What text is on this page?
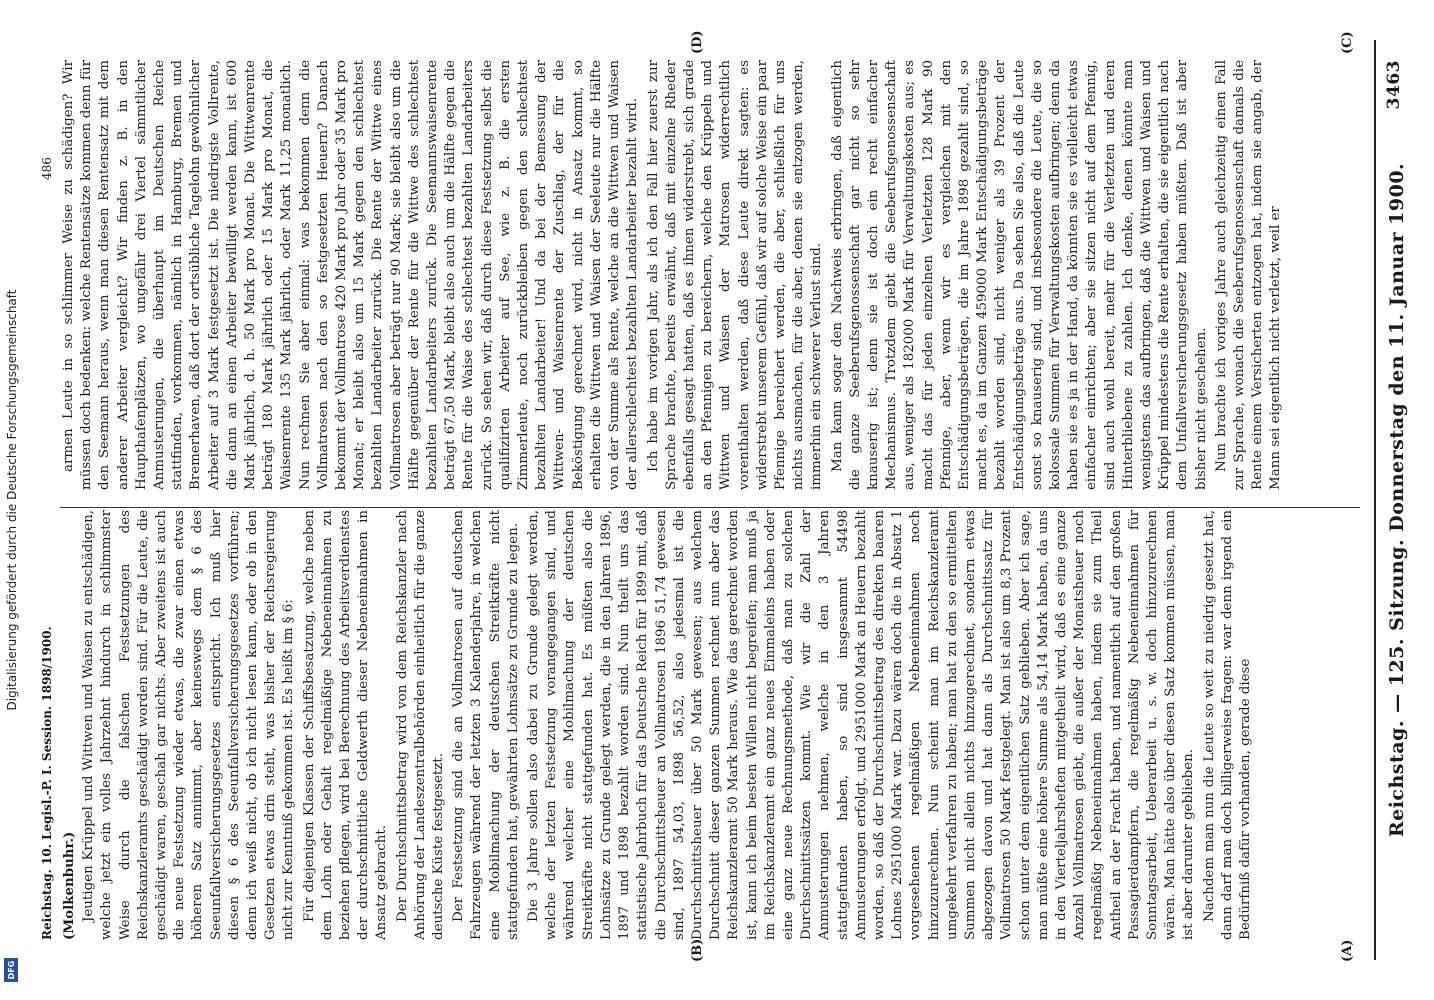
DFG
Digitalisierung gefördert durch die Deutsche Forschungsgemeinschaft
Reichstag. 10. Legisl.-P. I. Session. 1898/1900.
486

(Molkenbuhr.) Jeutigen Krüppel und Wittwen und Waisen zu entschädigen, welche jetzt ein volles Jahrzehnt hindurch in schlimmster Weise durch die falschen Festsetzungen des Reichskanzleramts geschädigt worden sind. Für die Leute, die geschädigt waren, geschah gar nichts. Aber zweitens ist auch die neue Festsetzung wieder etwas, die zwar einen etwas höheren Satz annimmt, aber keineswegs dem § 6 des Seeunfallversicherungsgesetzes entspricht. Ich muß hier diesen § 6 des Seeunfallversicherungsgesetzes vorführen; denn ich weiß nicht, ob ich nicht lesen kann, oder ob in den Gesetzen etwas drin steht, was bisher der Reichsregierung nicht zur Kenntniß gekommen ist. Es heißt im § 6: Für diejenigen Klassen der Schiffsbesatzung, welche neben dem Lohn oder Gehalt regelmäßige Nebeneinnahmen zu beziehen pflegen, wird bei Berechnung des Arbeitsverdienstes der durchschnittliche Geldwerth dieser Nebeneinnahmen in Ansatz gebracht. Der Durchschnittsbetrag wird von dem Reichskanzler nach Anhörung der Landeszentralbehörden einheitlich für die ganze deutsche Küste festgesetzt. Der Festsetzung sind die an Vollmatrosen auf deutschen Fahrzeugen während der letzten 3 Kalenderjahre, in welchen eine Mobilmachung der deutschen Streitkräfte nicht stattgefunden hat, gewährten Lohnsätze zu Grunde zu legen. Die 3 Jahre sollen also dabei zu Grunde gelegt werden, welche der letzten Festsetzung vorangegangen sind, und während welcher eine Mobilmachung der deutschen Streitkräfte nicht stattgefunden hat. Es müßten also die Lohnsätze zu Grunde gelegt werden, die in den Jahren 1896, 1897 und 1898 bezahlt worden sind. Nun theilt uns das statistische Jahrbuch für das Deutsche Reich für 1899 mit, daß die Durchschnittsheuer an Vollmatrosen 1896 51,74 gewesen sind, 1897 54,03, 1898 56,52, also jedesmal ist die Durchschnittsheuer über 50 Mark gewesen; aus welchem Durchschnitt dieser ganzen Summen rechnet nun aber das Reichskanzleramt 50 Mark heraus. Wie das gerechnet worden ist, kann ich beim besten Willen nicht begreifen; man muß ja im Reichskanzleramt ein ganz neues Einmaleins haben oder eine ganz neue Rechnungsmethode, daß man zu solchen Durchschnittssätzen kommt. Wie wir die Zahl der Anmusterungen nehmen, welche in den 3 Jahren stattgefunden haben, so sind insgesammt 54498 Anmusterungen erfolgt, und 2951000 Mark an Heuern bezahlt worden, so daß der Durchschnittsbetrag des direkten baaren Lohnes 2951000 Mark war. Dazu wären doch die in Absatz 1 vorgesehenen regelmäßigen Nebeneinnahmen noch hinzuzurechnen. Nun scheint man im Reichskanzleramt umgekehrt verfahren zu haben; man hat zu den so ermittelten Summen nicht allein nichts hinzugerechnet, sondern etwas abgezogen davon und hat dann als Durchschnittssatz für Vollmatrosen 50 Mark festgelegt. Man ist also um 8,3 Prozent schon unter dem eigentlichen Satz geblieben. Aber ich sage, man müßte eine höhere Summe als 54,14 Mark haben, da uns in den Vierteljahrsheften mitgetheilt wird, daß es eine ganze Anzahl Vollmatrosen giebt, die außer der Monatsheuer noch regelmäßig Nebeneinnahmen haben, indem sie zum Theil Antheil an der Fracht haben, und namentlich auf den großen Passagierdampfern, die regelmäßig Nebeneinnahmen für Sonntagsarbeit, Ueberarbeit u. s. w. doch hinzuzurechnen wären. Man hätte also über diesen Satz kommen müssen, man ist aber darunter geblieben. Nachdem man nun die Leute so weit zu niedrig gesetzt hat, dann darf man doch billigerweise fragen: war denn irgend ein Bedürfniß dafür vorhanden, gerade diese

armen Leute in so schlimmer Weise zu schädigen? Wir müssen doch bedenken: welche Rentensätze kommen denn für den Seemann heraus, wenn man diesen Rentensatz mit dem anderer Arbeiter vergleicht? Wir finden z. B. in den Haupthafenplätzen, wo ungefähr drei Viertel sämmtlicher Anmusterungen, die überhaupt im Deutschen Reiche stattfinden, vorkommen, nämlich in Hamburg, Bremen und Bremerhaven, daß dort der ortsübliche Tagelohn gewöhnlicher Arbeiter auf 3 Mark festgesetzt ist. Die niedrigste Vollrente, die dann an einen Arbeiter bewilligt werden kann, ist 600 Mark jährlich, d. h. 50 Mark pro Monat. Die Wittwenrente beträgt 180 Mark jährlich oder 15 Mark pro Monat, die Waisenrente 135 Mark jährlich, oder Mark 11,25 monatlich. Nun rechnen Sie aber einmal: was bekommen denn die Vollmatrosen nach den so festgesetzten Heuern? Danach bekommt der Vollmatrose 420 Mark pro Jahr oder 35 Mark pro Monat; er bleibt also um 15 Mark gegen den schlechtest bezahlten Landarbeiter zurück. Die Rente der Wittwe eines Vollmatrosen aber beträgt nur 90 Mark; sie bleibt also um die Hälfte gegenüber der Rente für die Wittwe des schlechtest bezahlten Landarbeiters zurück. Die Seemannswaisenrente beträgt 67,50 Mark, bleibt also auch um die Hälfte gegen die Rente für die Waise des schlechtest bezahlten Landarbeiters zurück. So sehen wir, daß durch diese Festsetzung selbst die qualifizirten Arbeiter auf See, wie z. B. die ersten Zimmerleute, noch zurückbleiben gegen den schlechtest bezahlten Landarbeiter! Und da bei der Bemessung der Wittwen- und Waisenrente der Zuschlag, der für die Beköstigung gerechnet wird, nicht in Ansatz kommt, so erhalten die Wittwen und Waisen der Seeleute nur die Hälfte von der Summe als Rente, welche an die Wittwen und Waisen der allerschlechtest bezahlten Landarbeiter bezahlt wird. Ich habe im vorigen Jahr, als ich den Fall hier zuerst zur Sprache brachte, bereits erwähnt, daß mit einzelne Rheder ebenfalls gesagt hatten, daß es ihnen widerstrebt, sich grade an den Pfennigen zu bereichern, welche den Krüppeln und Wittwen und Waisen der Matrosen widerrechtlich vorenthalten werden, daß diese Leute direkt sagten: es widerstrebt unserem Gefühl, daß wir auf solche Weise ein paar Pfennige bereichert werden, die aber, schließlich für uns nichts ausmachen, für die aber, denen sie entzogen werden, immerhin ein schwerer Verlust sind. Man kann sogar den Nachweis erbringen, daß eigentlich die ganze Seeberufsgenossenschaft gar nicht so sehr knauserig ist; denn sie ist doch ein recht einfacher Mechanismus. Trotzdem giebt die Seeberufsgenossenschaft aus, weniger als 182000 Mark für Verwaltungskosten aus; es macht das für jeden einzelnen Verletzten 128 Mark 90 Pfennige, aber, wenn wir es vergleichen mit den Entschädigungsbeträgen, die im Jahre 1898 gezahlt sind, so macht es, da im Ganzen 459000 Mark Entschädigungsbeträge bezahlt worden sind, nicht weniger als 39 Prozent der Entschädigungsbeträge aus. Da sehen Sie also, daß die Leute sonst so knauserig sind, und insbesondere die Leute, die so kolossale Summen für Verwaltungskosten aufbringen; denn da haben sie es ja in der Hand, da könnten sie es vielleicht etwas einfacher einrichten; aber sie sitzen nicht auf dem Pfennig, sind auch wohl bereit, mehr für die Verletzten und deren Hinterbliebene zu zahlen. Ich denke, denen könnte man wenigstens das aufbringen, daß die Wittwen und Waisen und Krüppel mindestens die Rente erhalten, die sie eigentlich nach dem Unfallversicherungsgesetz haben müßten. Daß ist aber bisher nicht geschehen. Nun brachte ich voriges Jahre auch gleichzeitig einen Fall zur Sprache, wonach die Seeberufsgenossenschaft damals die Rente einem Versicherten entzogen hat, indem sie angab, der Mann sei eigentlich nicht verletzt, weil er

(A)
(B)
(C)
(D)
Reichstag. — 125. Sitzung. Donnerstag den 11. Januar 1900.
3463
